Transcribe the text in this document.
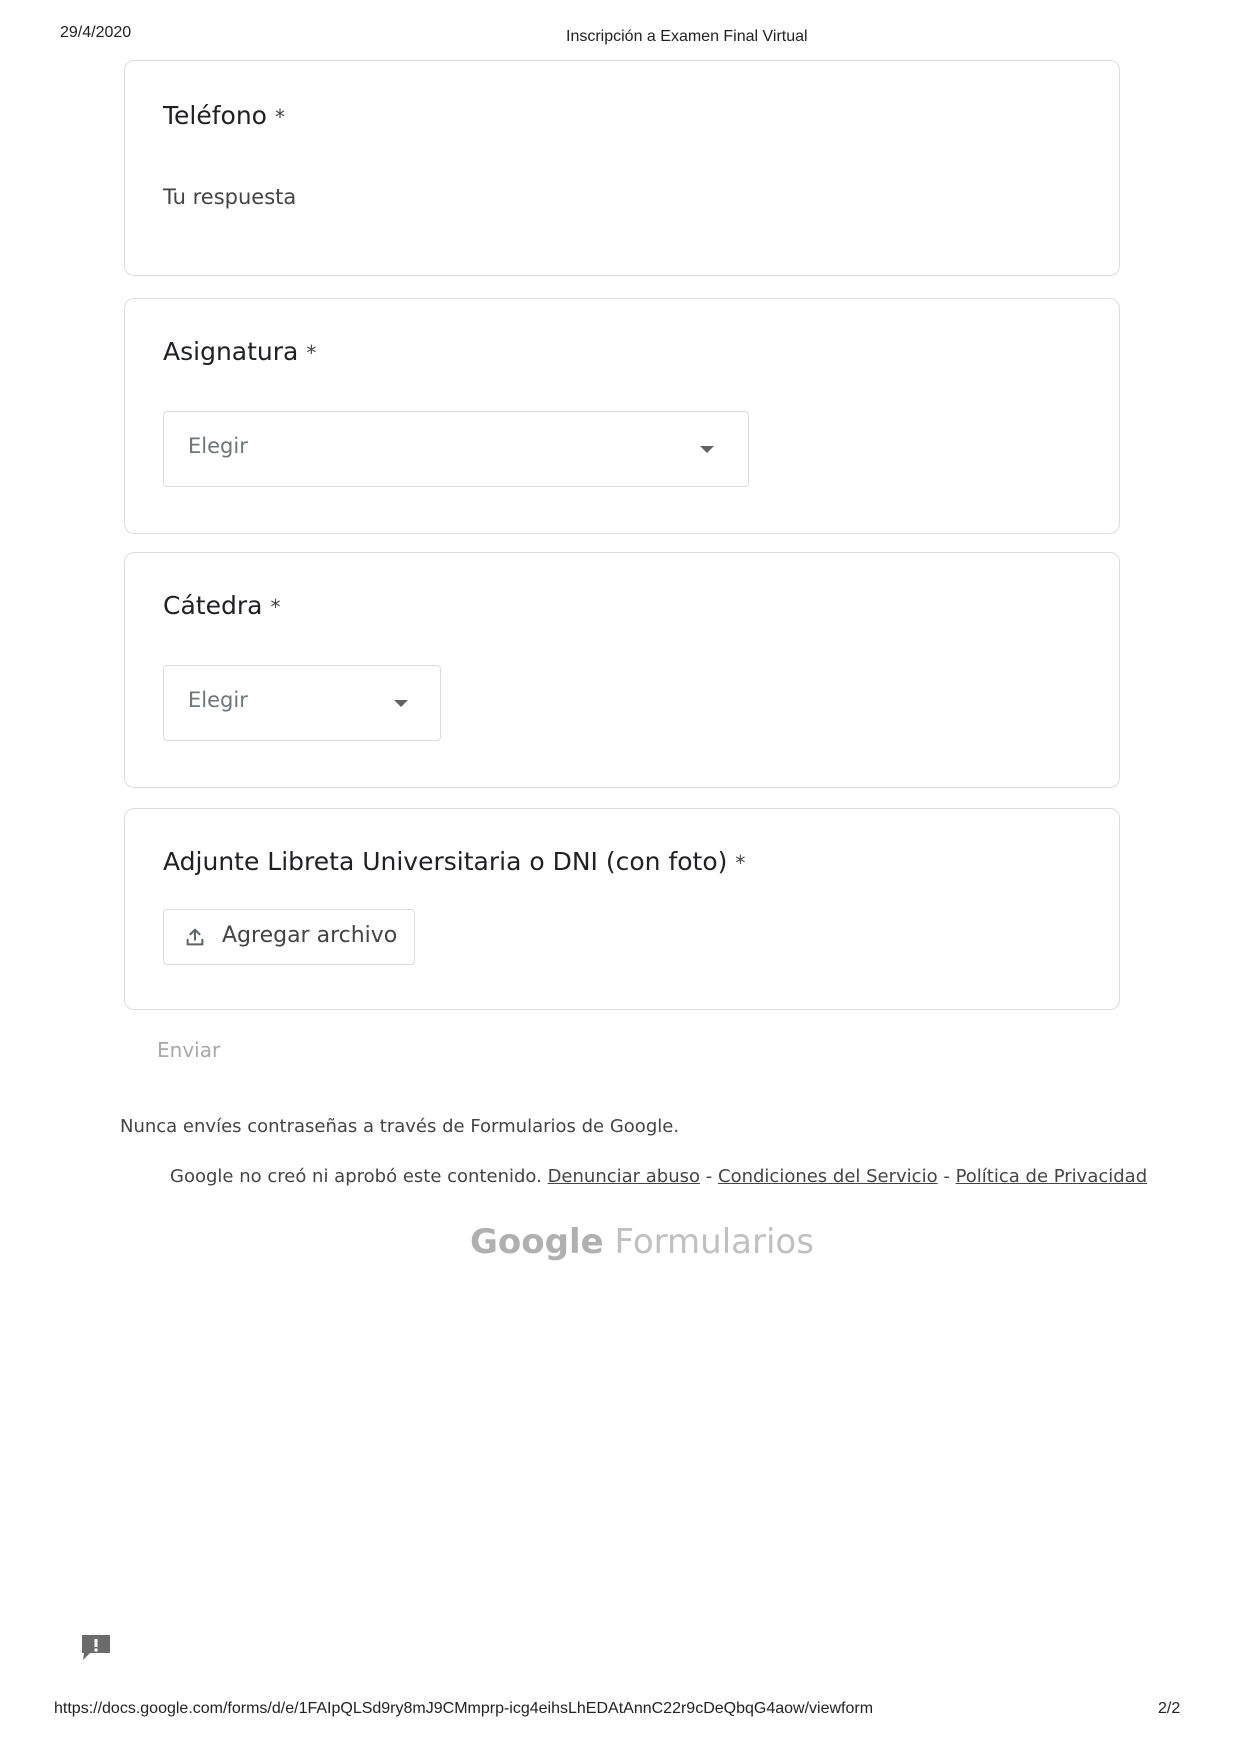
29/4/2020	Inscripción a Examen Final Virtual
Teléfono *
Tu respuesta
Asignatura *
Elegir
Cátedra *
Elegir
Adjunte Libreta Universitaria o DNI (con foto) *
Agregar archivo
Enviar
Nunca envíes contraseñas a través de Formularios de Google.
Google no creó ni aprobó este contenido. Denunciar abuso - Condiciones del Servicio - Política de Privacidad
Google Formularios
https://docs.google.com/forms/d/e/1FAIpQLSd9ry8mJ9CMmprp-icg4eihsLhEDAtAnnC22r9cDeQbqG4aow/viewform	2/2
